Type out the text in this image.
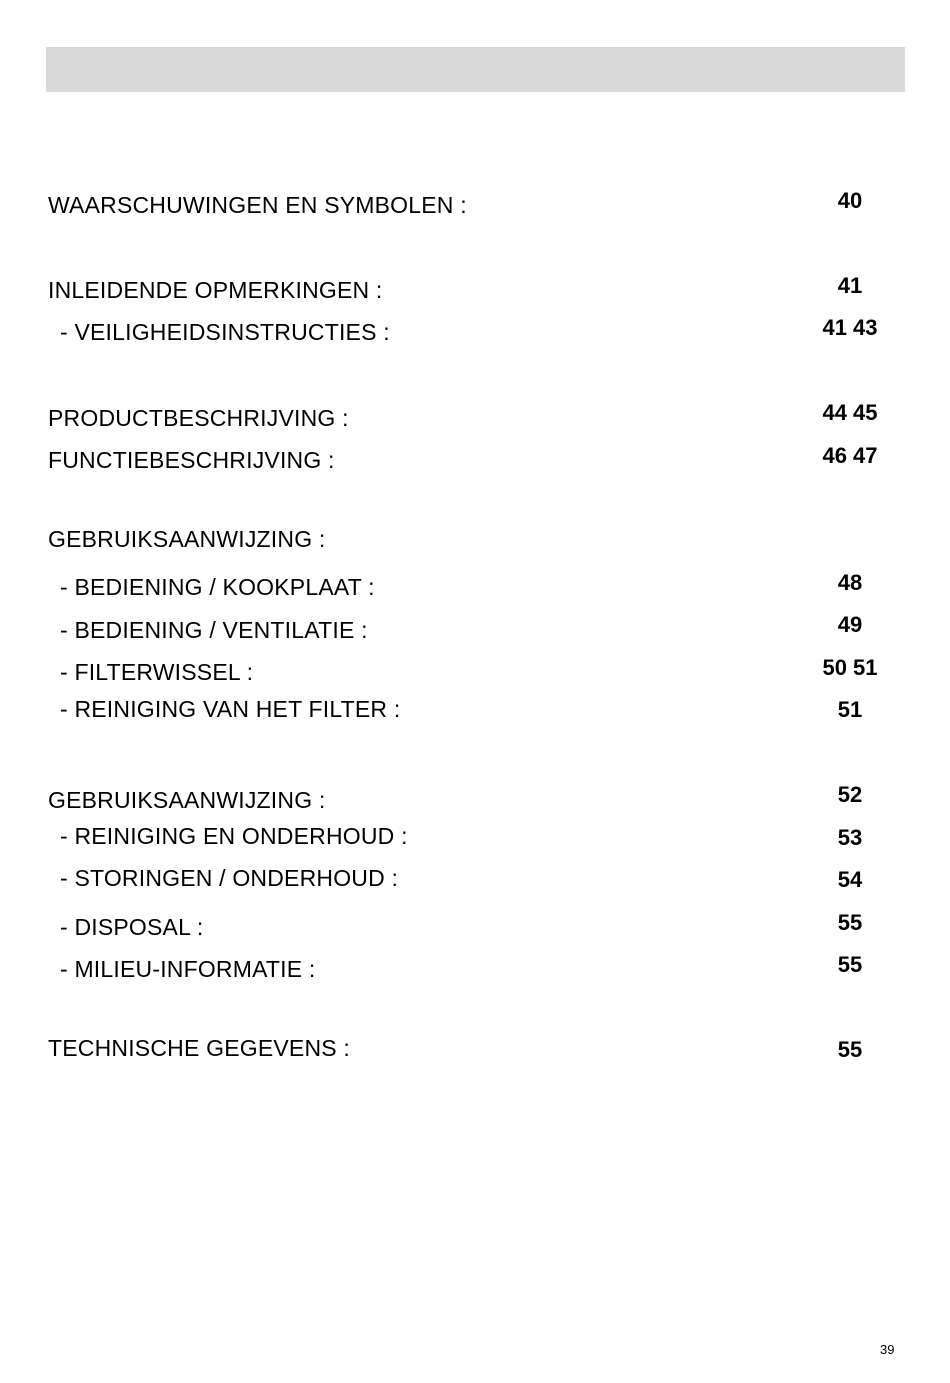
WAARSCHUWINGEN EN SYMBOLEN :	40
INLEIDENDE OPMERKINGEN :	41
- VEILIGHEIDSINSTRUCTIES :	41 43
PRODUCTBESCHRIJVING :	44 45
FUNCTIEBESCHRIJVING :	46 47
GEBRUIKSAANWIJZING :
- BEDIENING / KOOKPLAAT :	48
- BEDIENING / VENTILATIE :	49
- FILTERWISSEL :	50 51
- REINIGING VAN HET FILTER :	51
GEBRUIKSAANWIJZING :	52
- REINIGING EN ONDERHOUD :	53
- STORINGEN / ONDERHOUD :	54
- DISPOSAL :	55
- MILIEU-INFORMATIE :	55
TECHNISCHE GEGEVENS :	55
39
